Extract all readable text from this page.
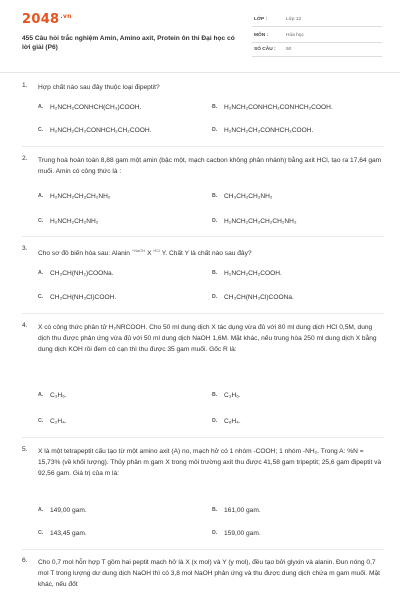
$2048^{.vn}$
455 Câu hỏi trắc nghiệm Amin, Amino axit, Protein ôn thi Đại học có lời giải (P6)
LỚP :	Lớp 12
MÔN :	Hóa học
SỐ CÂU : 50
1. Hợp chất nào sau đây thuộc loại đipeptit?
A. H₂NCH₂CONHCH(CH₃)COOH.	B. H₂NCH₂CONHCH₂CONHCH₂COOH.
C. H₂NCH₂CH₂CONHCH₂CH₂COOH.	D. H₂NCH₂CH₂CONHCH₂COOH.
2. Trung hoà hoàn toàn 8,88 gam một amin (bậc một, mạch cacbon không phân nhánh) bằng axit HCl, tạo ra 17,64 gam muối. Amin có công thức là :
A. H₂NCH₂CH₂CH₂NH₂	B. CH₃CH₂CH₂NH₂
C. H₂NCH₂CH₂NH₂	D. H₂NCH₂CH₂CH₂CH₂NH₂
3.
Cho sơ đồ biến hóa sau: Alanin $^{+NaOH}$ X $^{HCl}$ Y. Chất Y là chất nào sau đây?
A. CH₃CH(NH₂)COONa.	B. H₂NCH₂CH₂COOH.
C. CH₃CH(NH₃Cl)COOH.	D. CH₃CH(NH₃Cl)COONa.
4. X có công thức phân tử H₂NRCOOH. Cho 50 ml dung dịch X tác dụng vừa đủ với 80 ml dung dịch HCl 0,5M, dung dịch thu được phản ứng vừa đủ với 50 ml dung dịch NaOH 1,6M. Mặt khác, nếu trung hòa 250 ml dung dịch X bằng dung dịch KOH rồi đem cô cạn thì thu được 35 gam muối. Gốc R là:
A. C₃H₆.	B. C₃H₆.
C. C₂H₄.	D. C₆H₄.
5. X là một tetrapeptit cấu tạo từ một amino axit (A) no, mạch hở có 1 nhóm -COOH; 1 nhóm -NH₂. Trong A: %N = 15,73% (về khối lượng). Thủy phân m gam X trong môi trường axit thu được 41,58 gam tripeptit; 25,6 gam đipeptit và 92,56 gam. Giá trị của m là:
A. 149,00 gam.	B. 161,00 gam.
C. 143,45 gam.	D. 159,00 gam.
6. Cho 0,7 mol hỗn hợp T gồm hai peptit mạch hở là X (x mol) và Y (y mol), đều tạo bởi glyxin và alanin. Đun nóng 0,7 mol T trong lượng dư dung dịch NaOH thì có 3,8 mol NaOH phản ứng và thu được dung dịch chứa m gam muối. Mặt khác, nếu đốt
